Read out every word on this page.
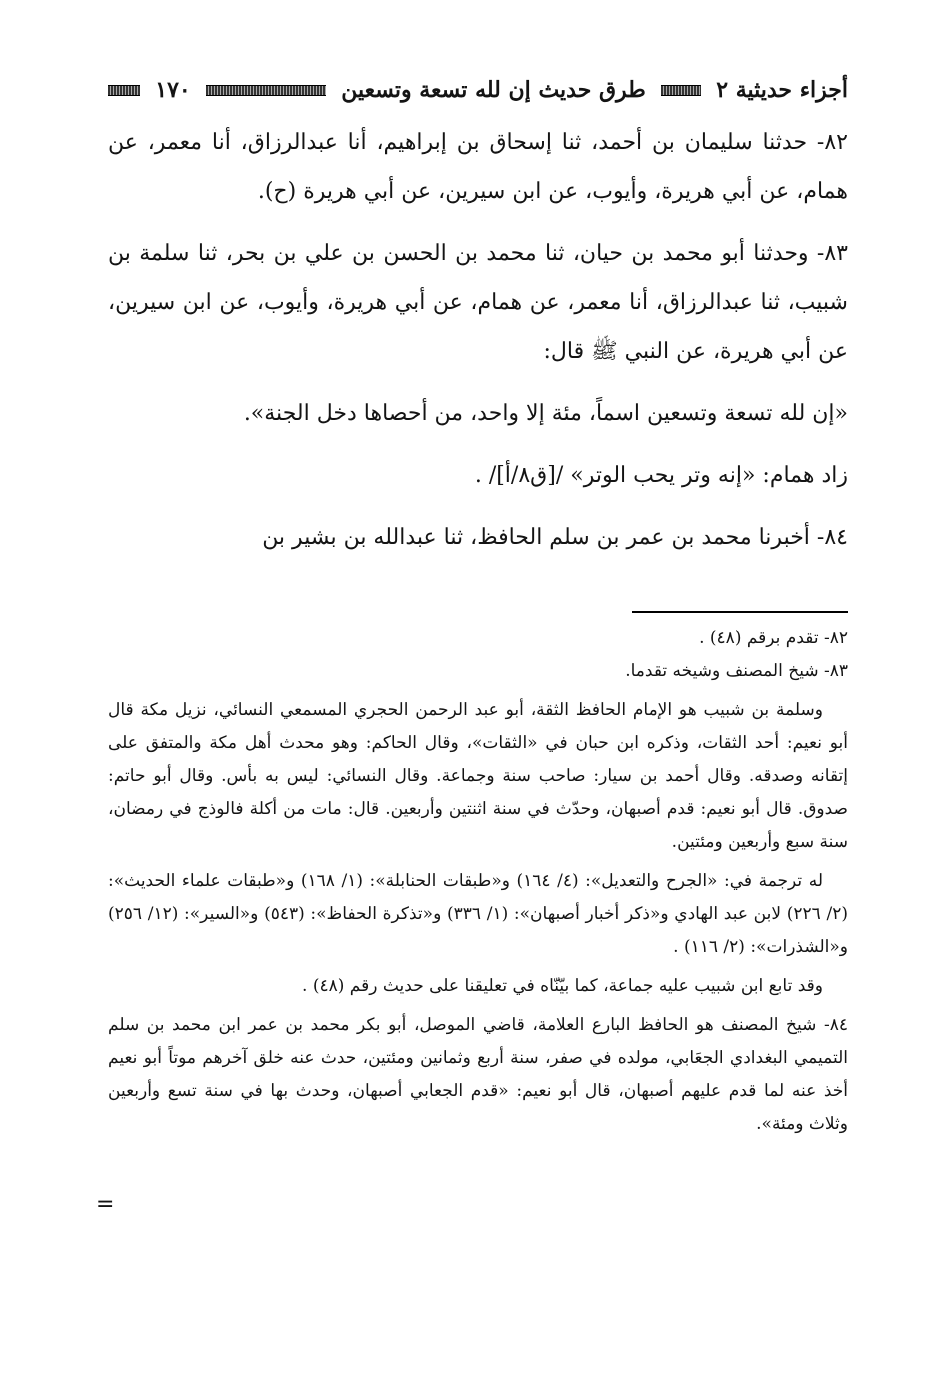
أجزاء حديثية ٢
طرق حديث إن لله تسعة وتسعين
١٧٠

٨٢- حدثنا سليمان بن أحمد، ثنا إسحاق بن إبراهيم، أنا عبدالرزاق، أنا معمر، عن همام، عن أبي هريرة، وأيوب، عن ابن سيرين، عن أبي هريرة (ح).

٨٣- وحدثنا أبو محمد بن حيان، ثنا محمد بن الحسن بن علي بن بحر، ثنا سلمة بن شبيب، ثنا عبدالرزاق، أنا معمر، عن همام، عن أبي هريرة، وأيوب، عن ابن سيرين، عن أبي هريرة، عن النبي ﷺ قال:

«إن لله تسعة وتسعين اسماً، مئة إلا واحد، من أحصاها دخل الجنة».

زاد همام: «إنه وتر يحب الوتر» /[ق٨/أ]/ .

٨٤- أخبرنا محمد بن عمر بن سلم الحافظ، ثنا عبدالله بن بشير بن

٨٢- تقدم برقم (٤٨) .

٨٣- شيخ المصنف وشيخه تقدما.

وسلمة بن شبيب هو الإمام الحافظ الثقة، أبو عبد الرحمن الحجري المسمعي النسائي، نزيل مكة قال أبو نعيم: أحد الثقات، وذكره ابن حبان في «الثقات»، وقال الحاكم: وهو محدث أهل مكة والمتفق على إتقانه وصدقه. وقال أحمد بن سيار: صاحب سنة وجماعة. وقال النسائي: ليس به بأس. وقال أبو حاتم: صدوق. قال أبو نعيم: قدم أصبهان، وحدّث في سنة اثنتين وأربعين. قال: مات من أكلة فالوذج في رمضان، سنة سبع وأربعين ومئتين.

له ترجمة في: «الجرح والتعديل»: (٤/ ١٦٤) و«طبقات الحنابلة»: (١/ ١٦٨) و«طبقات علماء الحديث»: (٢/ ٢٢٦) لابن عبد الهادي و«ذكر أخبار أصبهان»: (١/ ٣٣٦) و«تذكرة الحفاظ»: (٥٤٣) و«السير»: (١٢/ ٢٥٦) و«الشذرات»: (٢/ ١١٦) .

وقد تابع ابن شبيب عليه جماعة، كما بيّنّاه في تعليقنا على حديث رقم (٤٨) .

٨٤- شيخ المصنف هو الحافظ البارع العلامة، قاضي الموصل، أبو بكر محمد بن عمر ابن محمد بن سلم التميمي البغدادي الجعَابي، مولده في صفر، سنة أربع وثمانين ومئتين، حدث عنه خلق آخرهم موتاً أبو نعيم أخذ عنه لما قدم عليهم أصبهان، قال أبو نعيم: «قدم الجعابي أصبهان، وحدث بها في سنة تسع وأربعين وثلاث ومئة».

=
